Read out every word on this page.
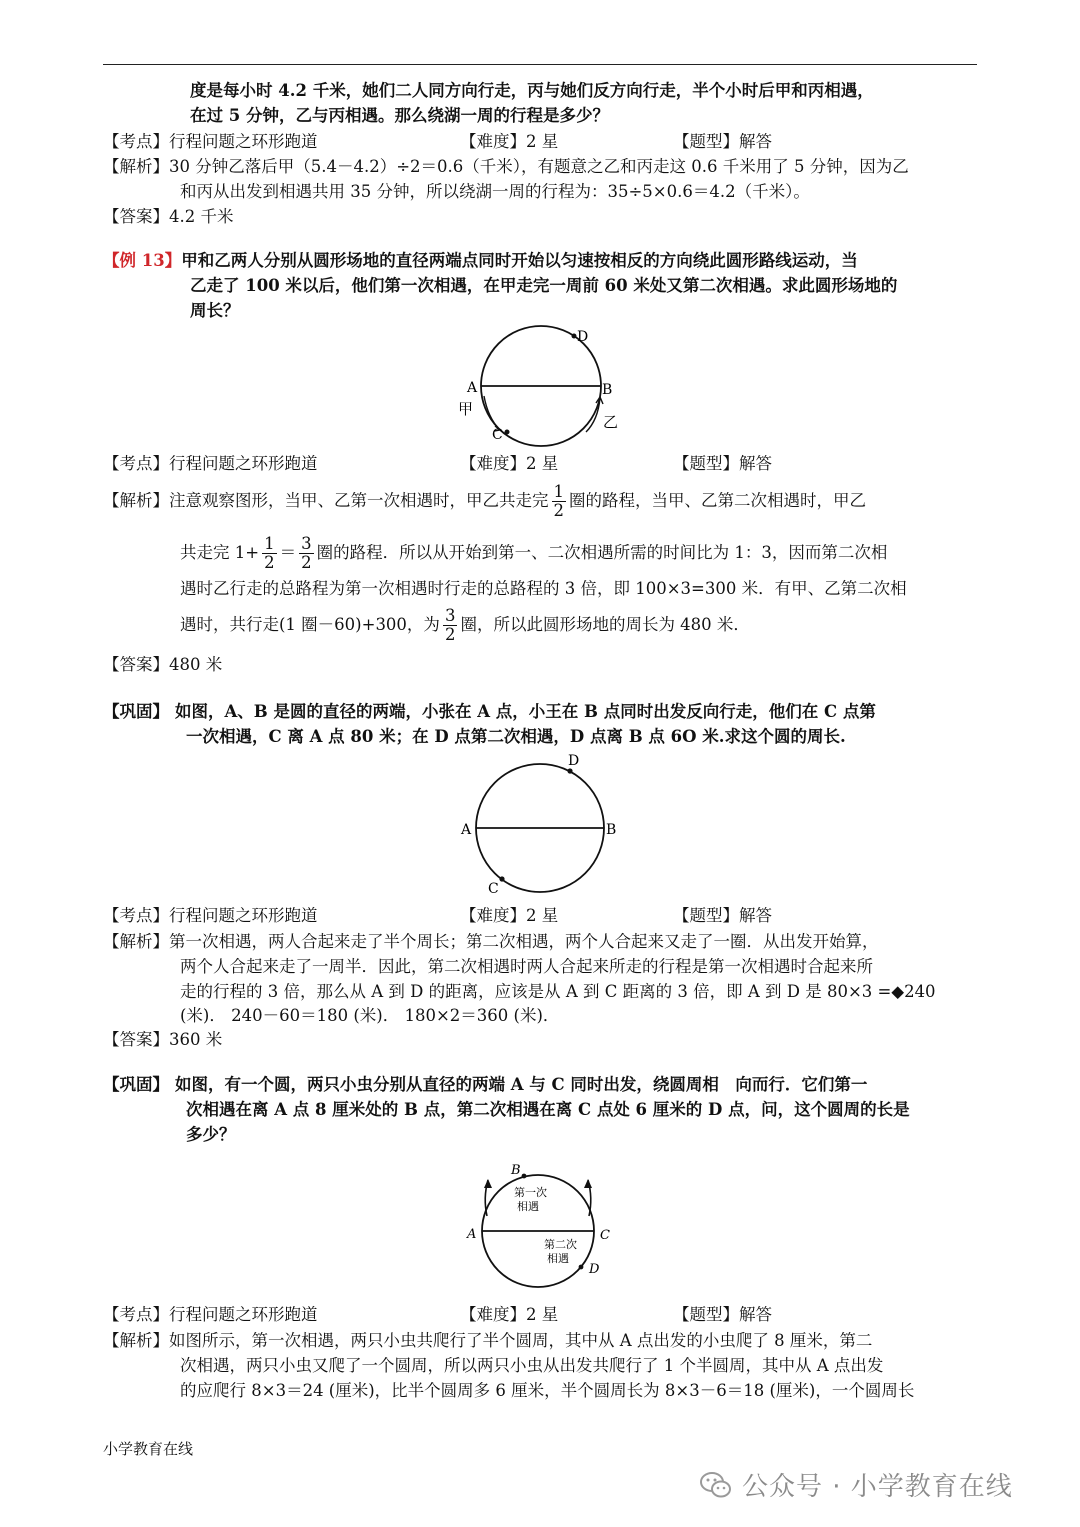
度是每小时 4.2 千米，她们二人同方向行走，丙与她们反方向行走，半个小时后甲和丙相遇，
在过 5 分钟，乙与丙相遇。那么绕湖一周的行程是多少？
【考点】行程问题之环形跑道	【难度】2 星	【题型】解答
【解析】30 分钟乙落后甲（5.4－4.2）÷2＝0.6（千米），有题意之乙和丙走这 0.6 千米用了 5 分钟，因为乙
和丙从出发到相遇共用 35 分钟，所以绕湖一周的行程为：35÷5×0.6＝4.2（千米）。
【答案】4.2 千米
【例 13】甲和乙两人分别从圆形场地的直径两端点同时开始以匀速按相反的方向绕此圆形路线运动，当
乙走了 100 米以后，他们第一次相遇，在甲走完一周前 60 米处又第二次相遇。求此圆形场地的
周长？
A	B
D
C
甲
乙
【考点】行程问题之环形跑道	【难度】2 星	【题型】解答
【解析】注意观察图形，当甲、乙第一次相遇时，甲乙共走完 $\frac{1}{2}$ 圈的路程，当甲、乙第二次相遇时，甲乙
共走完 $1+ \frac{1}{2} = \frac{3}{2}$ 圈的路程．所以从开始到第一、二次相遇所需的时间比为 1：3，因而第二次相
遇时乙行走的总路程为第一次相遇时行走的总路程的 3 倍，即 100×3=300 米．有甲、乙第二次相
遇时，共行走(1 圈－60)+300，为 $\frac{3}{2}$ 圈，所以此圆形场地的周长为 480 米．
【答案】480 米
【巩固】 如图，A、B 是圆的直径的两端，小张在 A 点，小王在 B 点同时出发反向行走，他们在 C 点第
一次相遇，C 离 A 点 80 米；在 D 点第二次相遇，D 点离 B 点 6O 米.求这个圆的周长.
A	B
D
C
【考点】行程问题之环形跑道	【难度】2 星	【题型】解答
【解析】第一次相遇，两人合起来走了半个周长；第二次相遇，两个人合起来又走了一圈．从出发开始算，
两个人合起来走了一周半．因此，第二次相遇时两人合起来所走的行程是第一次相遇时合起来所
走的行程的 3 倍，那么从 A 到 D 的距离，应该是从 A 到 C 距离的 3 倍，即 A 到 D 是 80×3 =◆240
(米)． 240－60＝180 (米)． 180×2＝360 (米)．
【答案】360 米
【巩固】 如图，有一个圆，两只小虫分别从直径的两端 A 与 C 同时出发，绕圆周相　向而行．它们第一
次相遇在离 A 点 8 厘米处的 B 点，第二次相遇在离 C 点处 6 厘米的 D 点，问，这个圆周的长是
多少？
B
A	C
D
第一次
相遇
第二次
相遇
【考点】行程问题之环形跑道	【难度】2 星	【题型】解答
【解析】如图所示，第一次相遇，两只小虫共爬行了半个圆周，其中从 A 点出发的小虫爬了 8 厘米，第二
次相遇，两只小虫又爬了一个圆周，所以两只小虫从出发共爬行了 1 个半圆周，其中从 A 点出发
的应爬行 8×3＝24 (厘米)，比半个圆周多 6 厘米，半个圆周长为 8×3－6＝18 (厘米)，一个圆周长
小学教育在线
公众号 · 小学教育在线
